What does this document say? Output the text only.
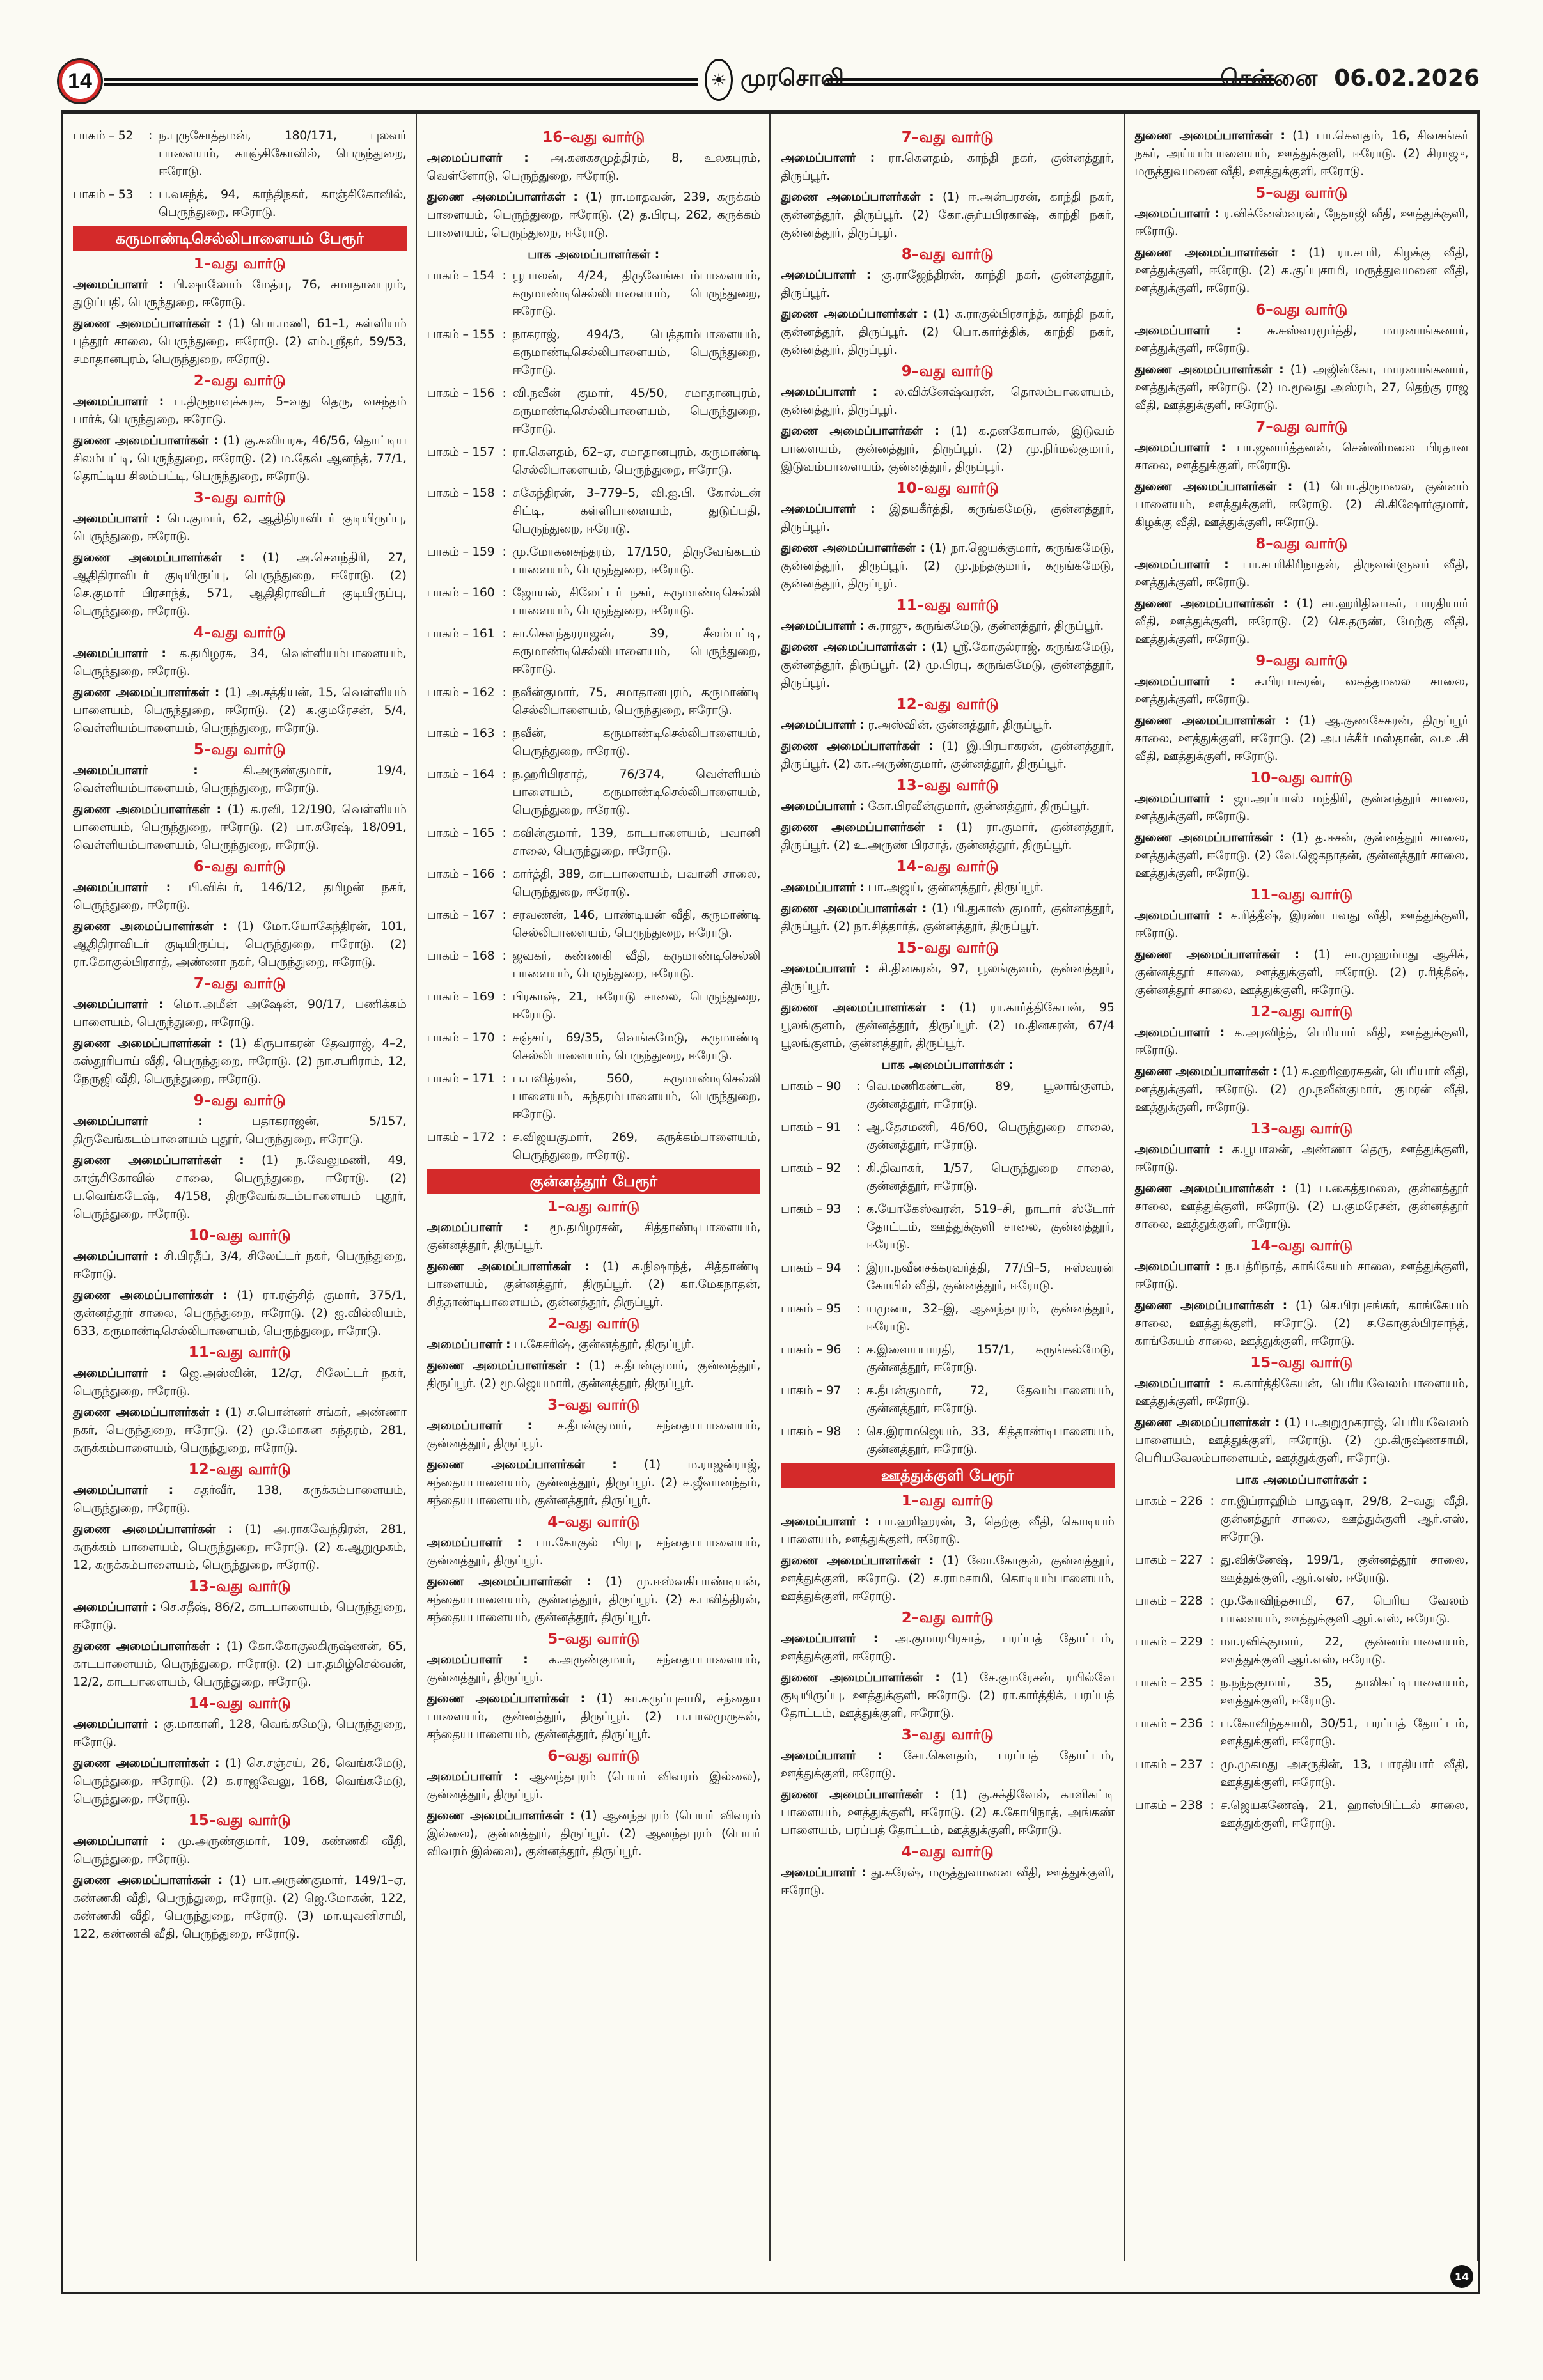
14	☀ முரசொலி	சென்னை 06.02.2026
பாகம் – 52	: ந.புருசோத்தமன், 180/171, புலவர் பாளையம், காஞ்சிகோவில், பெருந்துறை, ஈரோடு.
பாகம் – 53	: ப.வசந்த், 94, காந்திநகர், காஞ்சிகோவில், பெருந்துறை, ஈரோடு.
கருமாண்டிசெல்லிபாளையம் பேரூர்
1–வது வார்டு
அமைப்பாளர் : பி.ஷாலோம் மேத்யு, 76, சமாதானபுரம், துடுப்பதி, பெருந்துறை, ஈரோடு.
துணை அமைப்பாளர்கள் : (1) பொ.மணி, 61–1, கள்ளியம் புத்தூர் சாலை, பெருந்துறை, ஈரோடு. (2) எம்.ஸ்ரீதர், 59/53, சமாதானபுரம், பெருந்துறை, ஈரோடு.
2–வது வார்டு
அமைப்பாளர் : ப.திருநாவுக்கரசு, 5–வது தெரு, வசந்தம் பார்க், பெருந்துறை, ஈரோடு.
துணை அமைப்பாளர்கள் : (1) கு.கவியரசு, 46/56, தொட்டிய சிலம்பட்டி, பெருந்துறை, ஈரோடு. (2) ம.தேவ் ஆனந்த், 77/1, தொட்டிய சிலம்பட்டி, பெருந்துறை, ஈரோடு.
3–வது வார்டு
அமைப்பாளர் : பெ.குமார், 62, ஆதிதிராவிடர் குடியிருப்பு, பெருந்துறை, ஈரோடு.
துணை அமைப்பாளர்கள் : (1) அ.செளந்திரி, 27, ஆதிதிராவிடர் குடியிருப்பு, பெருந்துறை, ஈரோடு. (2) செ.குமார் பிரசாந்த், 571, ஆதிதிராவிடர் குடியிருப்பு, பெருந்துறை, ஈரோடு.
4–வது வார்டு
அமைப்பாளர் : க.தமிழரசு, 34, வெள்ளியம்பாளையம், பெருந்துறை, ஈரோடு.
துணை அமைப்பாளர்கள் : (1) அ.சத்தியன், 15, வெள்ளியம் பாளையம், பெருந்துறை, ஈரோடு. (2) க.குமரேசன், 5/4, வெள்ளியம்பாளையம், பெருந்துறை, ஈரோடு.
5–வது வார்டு
அமைப்பாளர் :	கி.அருண்குமார், 19/4, வெள்ளியம்பாளையம், பெருந்துறை, ஈரோடு.
துணை அமைப்பாளர்கள் : (1) க.ரவி, 12/190, வெள்ளியம் பாளையம், பெருந்துறை, ஈரோடு. (2) பா.சுரேஷ், 18/091, வெள்ளியம்பாளையம், பெருந்துறை, ஈரோடு.
6–வது வார்டு
அமைப்பாளர் : பி.விக்டர், 146/12, தமிழன் நகர், பெருந்துறை, ஈரோடு.
துணை அமைப்பாளர்கள் : (1) மோ.யோகேந்திரன், 101, ஆதிதிராவிடர் குடியிருப்பு, பெருந்துறை, ஈரோடு. (2) ரா.கோகுல்பிரசாத், அண்ணா நகர், பெருந்துறை, ஈரோடு.
7–வது வார்டு
அமைப்பாளர் : மொ.அமீன் அஷேன், 90/17, பணிக்கம் பாளையம், பெருந்துறை, ஈரோடு.
துணை அமைப்பாளர்கள் : (1) கிருபாகரன் தேவராஜ், 4–2, கஸ்தூரிபாய் வீதி, பெருந்துறை, ஈரோடு. (2) நா.சபரிராம், 12, நேருஜி வீதி, பெருந்துறை, ஈரோடு.
9–வது வார்டு
அமைப்பாளர் :	பதாகராஜன், 5/157, திருவேங்கடம்பாளையம் புதூர், பெருந்துறை, ஈரோடு.
துணை அமைப்பாளர்கள் : (1) ந.வேலுமணி, 49, காஞ்சிகோவில் சாலை, பெருந்துறை, ஈரோடு. (2) ப.வெங்கடேஷ், 4/158, திருவேங்கடம்பாளையம் புதூர், பெருந்துறை, ஈரோடு.
10–வது வார்டு
அமைப்பாளர் : சி.பிரதீப், 3/4, சிலேட்டர் நகர், பெருந்துறை, ஈரோடு.
துணை அமைப்பாளர்கள் : (1) ரா.ரஞ்சித் குமார், 375/1, குன்னத்தூர் சாலை, பெருந்துறை, ஈரோடு. (2) ஐ.வில்லியம், 633, கருமாண்டிசெல்லிபாளையம், பெருந்துறை, ஈரோடு.
11–வது வார்டு
அமைப்பாளர் : ஜெ.அஸ்வின், 12/ஏ, சிலேட்டர் நகர், பெருந்துறை, ஈரோடு.
துணை அமைப்பாளர்கள் : (1) ச.பொன்னர் சங்கர், அண்ணா நகர், பெருந்துறை, ஈரோடு. (2) மு.மோகன சுந்தரம், 281, கருக்கம்பாளையம், பெருந்துறை, ஈரோடு.
12–வது வார்டு
அமைப்பாளர் : சுதர்வீர், 138, கருக்கம்பாளையம், பெருந்துறை, ஈரோடு.
துணை அமைப்பாளர்கள் : (1) அ.ராகவேந்திரன், 281, கருக்கம் பாளையம், பெருந்துறை, ஈரோடு. (2) க.ஆறுமுகம், 12, கருக்கம்பாளையம், பெருந்துறை, ஈரோடு.
13–வது வார்டு
அமைப்பாளர் : செ.சதீஷ், 86/2, காடபாளையம், பெருந்துறை, ஈரோடு.
துணை அமைப்பாளர்கள் : (1) கோ.கோகுலகிருஷ்ணன், 65, காடபாளையம், பெருந்துறை, ஈரோடு. (2) பா.தமிழ்செல்வன், 12/2, காடபாளையம், பெருந்துறை, ஈரோடு.
14–வது வார்டு
அமைப்பாளர் : கு.மாகாளி, 128, வெங்கமேடு, பெருந்துறை, ஈரோடு.
துணை அமைப்பாளர்கள் : (1) செ.சஞ்சய், 26, வெங்கமேடு, பெருந்துறை, ஈரோடு. (2) க.ராஜவேலு, 168, வெங்கமேடு, பெருந்துறை, ஈரோடு.
15–வது வார்டு
அமைப்பாளர் : மு.அருண்குமார், 109, கண்ணகி வீதி, பெருந்துறை, ஈரோடு.
துணை அமைப்பாளர்கள் : (1) பா.அருண்குமார், 149/1–ஏ, கண்ணகி வீதி, பெருந்துறை, ஈரோடு. (2) ஜெ.மோகன், 122, கண்ணகி வீதி, பெருந்துறை, ஈரோடு. (3) மா.யுவனிசாமி, 122, கண்ணகி வீதி, பெருந்துறை, ஈரோடு.
16–வது வார்டு
அமைப்பாளர் : அ.கனகசமுத்திரம், 8, உலகபுரம், வெள்ளோடு, பெருந்துறை, ஈரோடு.
துணை அமைப்பாளர்கள் : (1) ரா.மாதவன், 239, கருக்கம் பாளையம், பெருந்துறை, ஈரோடு. (2) த.பிரபு, 262, கருக்கம் பாளையம், பெருந்துறை, ஈரோடு.
பாக அமைப்பாளர்கள் :
பாகம் – 154 : பூபாலன், 4/24, திருவேங்கடம்பாளையம், கருமாண்டிசெல்லிபாளையம், பெருந்துறை, ஈரோடு.
பாகம் – 155 : நாகராஜ், 494/3, பெத்தாம்பாளையம், கருமாண்டிசெல்லிபாளையம், பெருந்துறை, ஈரோடு.
பாகம் – 156 : வி.நவீன் குமார், 45/50, சமாதானபுரம், கருமாண்டிசெல்லிபாளையம், பெருந்துறை, ஈரோடு.
பாகம் – 157 : ரா.கௌதம், 62–ஏ, சமாதானபுரம், கருமாண்டி செல்லிபாளையம், பெருந்துறை, ஈரோடு.
பாகம் – 158 : சுகேந்திரன், 3–779–5, வி.ஐ.பி. கோல்டன் சிட்டி, கள்ளிபாளையம், துடுப்பதி, பெருந்துறை, ஈரோடு.
பாகம் – 159 : மு.மோகனசுந்தரம், 17/150, திருவேங்கடம் பாளையம், பெருந்துறை, ஈரோடு.
பாகம் – 160 : ஜோயல், சிலேட்டர் நகர், கருமாண்டிசெல்லி பாளையம், பெருந்துறை, ஈரோடு.
பாகம் – 161 : சா.சௌந்தரராஜன், 39, சீலம்பட்டி, கருமாண்டிசெல்லிபாளையம், பெருந்துறை, ஈரோடு.
பாகம் – 162 : நவீன்குமார், 75, சமாதானபுரம், கருமாண்டி செல்லிபாளையம், பெருந்துறை, ஈரோடு.
பாகம் – 163 : நவீன், கருமாண்டிசெல்லிபாளையம், பெருந்துறை, ஈரோடு.
பாகம் – 164 : ந.ஹரிபிரசாத், 76/374, வெள்ளியம் பாளையம், கருமாண்டிசெல்லிபாளையம், பெருந்துறை, ஈரோடு.
பாகம் – 165 : கவின்குமார், 139, காடபாளையம், பவானி சாலை, பெருந்துறை, ஈரோடு.
பாகம் – 166 : கார்த்தி, 389, காடபாளையம், பவானி சாலை, பெருந்துறை, ஈரோடு.
பாகம் – 167 : சரவணன், 146, பாண்டியன் வீதி, கருமாண்டி செல்லிபாளையம், பெருந்துறை, ஈரோடு.
பாகம் – 168 : ஜவகர், கண்ணகி வீதி, கருமாண்டிசெல்லி பாளையம், பெருந்துறை, ஈரோடு.
பாகம் – 169 : பிரகாஷ், 21, ஈரோடு சாலை, பெருந்துறை, ஈரோடு.
பாகம் – 170 : சஞ்சய், 69/35, வெங்கமேடு, கருமாண்டி செல்லிபாளையம், பெருந்துறை, ஈரோடு.
பாகம் – 171 : ப.பவித்ரன், 560, கருமாண்டிசெல்லி பாளையம், சுந்தரம்பாளையம், பெருந்துறை, ஈரோடு.
பாகம் – 172 : ச.விஜயகுமார், 269, கருக்கம்பாளையம், பெருந்துறை, ஈரோடு.
குன்னத்தூர் பேரூர்
1–வது வார்டு
அமைப்பாளர் : மூ.தமிழரசன், சித்தாண்டிபாளையம், குன்னத்தூர், திருப்பூர்.
துணை அமைப்பாளர்கள் : (1) க.நிஷாந்த், சித்தாண்டி பாளையம், குன்னத்தூர், திருப்பூர். (2) கா.மேகநாதன், சித்தாண்டிபாளையம், குன்னத்தூர், திருப்பூர்.
2–வது வார்டு
அமைப்பாளர் : ப.கேசரிஷ், குன்னத்தூர், திருப்பூர்.
துணை அமைப்பாளர்கள் : (1) ச.தீபன்குமார், குன்னத்தூர், திருப்பூர். (2) மூ.ஜெயமாரி, குன்னத்தூர், திருப்பூர்.
3–வது வார்டு
அமைப்பாளர் : ச.தீபன்குமார், சந்தையபாளையம், குன்னத்தூர், திருப்பூர்.
துணை அமைப்பாளர்கள் : (1) ம.ராஜன்ராஜ், சந்தையபாளையம், குன்னத்தூர், திருப்பூர். (2) ச.ஜீவானந்தம், சந்தையபாளையம், குன்னத்தூர், திருப்பூர்.
4–வது வார்டு
அமைப்பாளர் : பா.கோகுல் பிரபு, சந்தையபாளையம், குன்னத்தூர், திருப்பூர்.
துணை அமைப்பாளர்கள் : (1) மு.ஈஸ்வகிபாண்டியன், சந்தையபாளையம், குன்னத்தூர், திருப்பூர். (2) ச.பவித்திரன், சந்தையபாளையம், குன்னத்தூர், திருப்பூர்.
5–வது வார்டு
அமைப்பாளர் : க.அருண்குமார், சந்தையபாளையம், குன்னத்தூர், திருப்பூர்.
துணை அமைப்பாளர்கள் : (1) கா.கருப்புசாமி, சந்தைய பாளையம், குன்னத்தூர், திருப்பூர். (2) ப.பாலமுருகன், சந்தையபாளையம், குன்னத்தூர், திருப்பூர்.
6–வது வார்டு
அமைப்பாளர் : ஆனந்தபுரம் (பெயர் விவரம் இல்லை), குன்னத்தூர், திருப்பூர்.
துணை அமைப்பாளர்கள் : (1) ஆனந்தபுரம் (பெயர் விவரம் இல்லை), குன்னத்தூர், திருப்பூர். (2) ஆனந்தபுரம் (பெயர் விவரம் இல்லை), குன்னத்தூர், திருப்பூர்.
7–வது வார்டு
அமைப்பாளர் : ரா.கௌதம், காந்தி நகர், குன்னத்தூர், திருப்பூர்.
துணை அமைப்பாளர்கள் : (1) ஈ.அன்பரசன், காந்தி நகர், குன்னத்தூர், திருப்பூர். (2) கோ.சூர்யபிரகாஷ், காந்தி நகர், குன்னத்தூர், திருப்பூர்.
8–வது வார்டு
அமைப்பாளர் : கு.ராஜேந்திரன், காந்தி நகர், குன்னத்தூர், திருப்பூர்.
துணை அமைப்பாளர்கள் : (1) சு.ராகுல்பிரசாந்த், காந்தி நகர், குன்னத்தூர், திருப்பூர். (2) பொ.கார்த்திக், காந்தி நகர், குன்னத்தூர், திருப்பூர்.
9–வது வார்டு
அமைப்பாளர் : ல.விக்னேஷ்வரன், தொலம்பாளையம், குன்னத்தூர், திருப்பூர்.
துணை அமைப்பாளர்கள் : (1) க.தனகோபால், இடுவம் பாளையம், குன்னத்தூர், திருப்பூர். (2) மு.நிர்மல்குமார், இடுவம்பாளையம், குன்னத்தூர், திருப்பூர்.
10–வது வார்டு
அமைப்பாளர் : இதயகீர்த்தி, கருங்கமேடு, குன்னத்தூர், திருப்பூர்.
துணை அமைப்பாளர்கள் : (1) நா.ஜெயக்குமார், கருங்கமேடு, குன்னத்தூர், திருப்பூர். (2) மு.நந்தகுமார், கருங்கமேடு, குன்னத்தூர், திருப்பூர்.
11–வது வார்டு
அமைப்பாளர் : சு.ராஜு, கருங்கமேடு, குன்னத்தூர், திருப்பூர்.
துணை அமைப்பாளர்கள் : (1) ஸ்ரீ.கோகுல்ராஜ், கருங்கமேடு, குன்னத்தூர், திருப்பூர். (2) மு.பிரபு, கருங்கமேடு, குன்னத்தூர், திருப்பூர்.
12–வது வார்டு
அமைப்பாளர் : ர.அஸ்வின், குன்னத்தூர், திருப்பூர்.
துணை அமைப்பாளர்கள் : (1) இ.பிரபாகரன், குன்னத்தூர், திருப்பூர். (2) கா.அருண்குமார், குன்னத்தூர், திருப்பூர்.
13–வது வார்டு
அமைப்பாளர் : கோ.பிரவீன்குமார், குன்னத்தூர், திருப்பூர்.
துணை அமைப்பாளர்கள் : (1) ரா.குமார், குன்னத்தூர், திருப்பூர். (2) உ.அருண் பிரசாத், குன்னத்தூர், திருப்பூர்.
14–வது வார்டு
அமைப்பாளர் : பா.அஜய், குன்னத்தூர், திருப்பூர்.
துணை அமைப்பாளர்கள் : (1) பி.துகாஸ் குமார், குன்னத்தூர், திருப்பூர். (2) நா.சித்தார்த், குன்னத்தூர், திருப்பூர்.
15–வது வார்டு
அமைப்பாளர் : சி.தினகரன், 97, பூலங்குளம், குன்னத்தூர், திருப்பூர்.
துணை அமைப்பாளர்கள் : (1) ரா.கார்த்திகேயன், 95 பூலங்குளம், குன்னத்தூர், திருப்பூர். (2) ம.தினகரன், 67/4 பூலங்குளம், குன்னத்தூர், திருப்பூர்.
பாக அமைப்பாளர்கள் :
பாகம் – 90	: வெ.மணிகண்டன், 89, பூலாங்குளம், குன்னத்தூர், ஈரோடு.
பாகம் – 91	: ஆ.தேசமணி, 46/60, பெருந்துறை சாலை, குன்னத்தூர், ஈரோடு.
பாகம் – 92	: கி.திவாகர், 1/57, பெருந்துறை சாலை, குன்னத்தூர், ஈரோடு.
பாகம் – 93	: க.யோகேஸ்வரன், 519–சி, நாடார் ஸ்டோர் தோட்டம், ஊத்துக்குளி சாலை, குன்னத்தூர், ஈரோடு.
பாகம் – 94	: இரா.நவீனசக்கரவர்த்தி, 77/பி–5, ஈஸ்வரன் கோயில் வீதி, குன்னத்தூர், ஈரோடு.
பாகம் – 95	: யமுனா, 32–இ, ஆனந்தபுரம், குன்னத்தூர், ஈரோடு.
பாகம் – 96	: ச.இளையபாரதி, 157/1, கருங்கல்மேடு, குன்னத்தூர், ஈரோடு.
பாகம் – 97	: க.தீபன்குமார், 72, தேவம்பாளையம், குன்னத்தூர், ஈரோடு.
பாகம் – 98	: செ.இராமஜெயம், 33, சித்தாண்டிபாளையம், குன்னத்தூர், ஈரோடு.
ஊத்துக்குளி பேரூர்
1–வது வார்டு
அமைப்பாளர் : பா.ஹரிஹரன், 3, தெற்கு வீதி, கொடியம் பாளையம், ஊத்துக்குளி, ஈரோடு.
துணை அமைப்பாளர்கள் : (1) லோ.கோகுல், குன்னத்தூர், ஊத்துக்குளி, ஈரோடு. (2) ச.ராமசாமி, கொடியம்பாளையம், ஊத்துக்குளி, ஈரோடு.
2–வது வார்டு
அமைப்பாளர் : அ.குமாரபிரசாத், பரப்பத் தோட்டம், ஊத்துக்குளி, ஈரோடு.
துணை அமைப்பாளர்கள் : (1) சே.குமரேசன், ரயில்வே குடியிருப்பு, ஊத்துக்குளி, ஈரோடு. (2) ரா.கார்த்திக், பரப்பத் தோட்டம், ஊத்துக்குளி, ஈரோடு.
3–வது வார்டு
அமைப்பாளர் : சோ.கௌதம், பரப்பத் தோட்டம், ஊத்துக்குளி, ஈரோடு.
துணை அமைப்பாளர்கள் : (1) கு.சக்திவேல், காளிகட்டி பாளையம், ஊத்துக்குளி, ஈரோடு. (2) க.கோபிநாத், அங்கண் பாளையம், பரப்பத் தோட்டம், ஊத்துக்குளி, ஈரோடு.
4–வது வார்டு
அமைப்பாளர் : து.சுரேஷ், மருத்துவமனை வீதி, ஊத்துக்குளி, ஈரோடு.
துணை அமைப்பாளர்கள் : (1) பா.கௌதம், 16, சிவசங்கர் நகர், அய்யம்பாளையம், ஊத்துக்குளி, ஈரோடு. (2) சிராஜு, மருத்துவமனை வீதி, ஊத்துக்குளி, ஈரோடு.
5–வது வார்டு
அமைப்பாளர் : ர.விக்னேஸ்வரன், நேதாஜி வீதி, ஊத்துக்குளி, ஈரோடு.
துணை அமைப்பாளர்கள் : (1) ரா.சபரி, கிழக்கு வீதி, ஊத்துக்குளி, ஈரோடு. (2) க.குப்புசாமி, மருத்துவமனை வீதி, ஊத்துக்குளி, ஈரோடு.
6–வது வார்டு
அமைப்பாளர் : சு.சுஸ்வரமூர்த்தி, மாரனாங்கனார், ஊத்துக்குளி, ஈரோடு.
துணை அமைப்பாளர்கள் : (1) அஜின்கோ, மாரனாங்கனார், ஊத்துக்குளி, ஈரோடு. (2) ம.மூவது அஸ்ரம், 27, தெற்கு ராஜ வீதி, ஊத்துக்குளி, ஈரோடு.
7–வது வார்டு
அமைப்பாளர் : பா.ஜனார்த்தனன், சென்னிமலை பிரதான சாலை, ஊத்துக்குளி, ஈரோடு.
துணை அமைப்பாளர்கள் : (1) பொ.திருமலை, குன்னம் பாளையம், ஊத்துக்குளி, ஈரோடு. (2) கி.கிஷோர்குமார், கிழக்கு வீதி, ஊத்துக்குளி, ஈரோடு.
8–வது வார்டு
அமைப்பாளர் : பா.சபரிகிரிநாதன், திருவள்ளுவர் வீதி, ஊத்துக்குளி, ஈரோடு.
துணை அமைப்பாளர்கள் : (1) சா.ஹரிதிவாகர், பாரதியார் வீதி, ஊத்துக்குளி, ஈரோடு. (2) செ.தருண், மேற்கு வீதி, ஊத்துக்குளி, ஈரோடு.
9–வது வார்டு
அமைப்பாளர் : ச.பிரபாகரன், கைத்தமலை சாலை, ஊத்துக்குளி, ஈரோடு.
துணை அமைப்பாளர்கள் : (1) ஆ.குணசேகரன், திருப்பூர் சாலை, ஊத்துக்குளி, ஈரோடு. (2) அ.பக்கீர் மஸ்தான், வ.உ.சி வீதி, ஊத்துக்குளி, ஈரோடு.
10–வது வார்டு
அமைப்பாளர் : ஜா.அப்பாஸ் மந்திரி, குன்னத்தூர் சாலை, ஊத்துக்குளி, ஈரோடு.
துணை அமைப்பாளர்கள் : (1) த.ஈசன், குன்னத்தூர் சாலை, ஊத்துக்குளி, ஈரோடு. (2) வே.ஜெகநாதன், குன்னத்தூர் சாலை, ஊத்துக்குளி, ஈரோடு.
11–வது வார்டு
அமைப்பாளர் : ச.ரித்தீஷ், இரண்டாவது வீதி, ஊத்துக்குளி, ஈரோடு.
துணை அமைப்பாளர்கள் : (1) சா.முஹம்மது ஆசிக், குன்னத்தூர் சாலை, ஊத்துக்குளி, ஈரோடு. (2) ர.ரித்தீஷ், குன்னத்தூர் சாலை, ஊத்துக்குளி, ஈரோடு.
12–வது வார்டு
அமைப்பாளர் : க.அரவிந்த், பெரியார் வீதி, ஊத்துக்குளி, ஈரோடு.
துணை அமைப்பாளர்கள் : (1) க.ஹரிஹரசுதன், பெரியார் வீதி, ஊத்துக்குளி, ஈரோடு. (2) மு.நவீன்குமார், குமரன் வீதி, ஊத்துக்குளி, ஈரோடு.
13–வது வார்டு
அமைப்பாளர் : க.பூபாலன், அண்ணா தெரு, ஊத்துக்குளி, ஈரோடு.
துணை அமைப்பாளர்கள் : (1) ப.கைத்தமலை, குன்னத்தூர் சாலை, ஊத்துக்குளி, ஈரோடு. (2) ப.குமரேசன், குன்னத்தூர் சாலை, ஊத்துக்குளி, ஈரோடு.
14–வது வார்டு
அமைப்பாளர் : ந.பத்ரிநாத், காங்கேயம் சாலை, ஊத்துக்குளி, ஈரோடு.
துணை அமைப்பாளர்கள் : (1) செ.பிரபுசங்கர், காங்கேயம் சாலை, ஊத்துக்குளி, ஈரோடு. (2) ச.கோகுல்பிரசாந்த், காங்கேயம் சாலை, ஊத்துக்குளி, ஈரோடு.
15–வது வார்டு
அமைப்பாளர் : க.கார்த்திகேயன், பெரியவேலம்பாளையம், ஊத்துக்குளி, ஈரோடு.
துணை அமைப்பாளர்கள் : (1) ப.அறுமுகராஜ், பெரியவேலம் பாளையம், ஊத்துக்குளி, ஈரோடு. (2) மு.கிருஷ்ணசாமி, பெரியவேலம்பாளையம், ஊத்துக்குளி, ஈரோடு.
பாக அமைப்பாளர்கள் :
பாகம் – 226 : சா.இப்ராஹிம் பாதுஷா, 29/8, 2–வது வீதி, குன்னத்தூர் சாலை, ஊத்துக்குளி ஆர்.எஸ், ஈரோடு.
பாகம் – 227 : து.விக்னேஷ், 199/1, குன்னத்தூர் சாலை, ஊத்துக்குளி, ஆர்.எஸ், ஈரோடு.
பாகம் – 228 : மு.கோவிந்தசாமி, 67, பெரிய வேலம் பாளையம், ஊத்துக்குளி ஆர்.எஸ், ஈரோடு.
பாகம் – 229 : மா.ரவிக்குமார், 22, குன்னம்பாளையம், ஊத்துக்குளி ஆர்.எஸ், ஈரோடு.
பாகம் – 235 : ந.நந்தகுமார், 35, தாலிகட்டிபாளையம், ஊத்துக்குளி, ஈரோடு.
பாகம் – 236 : ப.கோவிந்தசாமி, 30/51, பரப்பத் தோட்டம், ஊத்துக்குளி, ஈரோடு.
பாகம் – 237 : மு.முகமது அசருதின், 13, பாரதியார் வீதி, ஊத்துக்குளி, ஈரோடு.
பாகம் – 238 : ச.ஜெயகணேஷ், 21, ஹாஸ்பிட்டல் சாலை, ஊத்துக்குளி, ஈரோடு.
14
